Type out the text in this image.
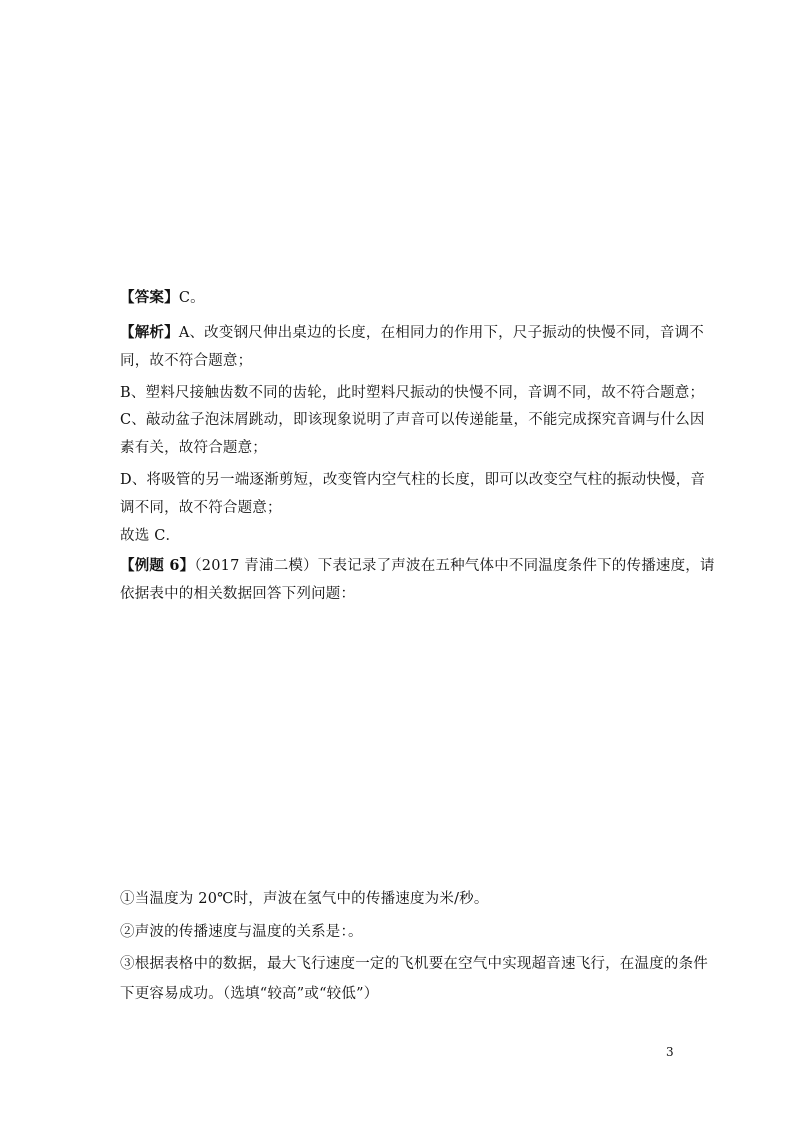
【答案】C。
【解析】A、改变钢尺伸出桌边的长度，在相同力的作用下，尺子振动的快慢不同，音调不
同，故不符合题意；
B、塑料尺接触齿数不同的齿轮，此时塑料尺振动的快慢不同，音调不同，故不符合题意；
C、敲动盆子泡沫屑跳动，即该现象说明了声音可以传递能量，不能完成探究音调与什么因
素有关，故符合题意；
D、将吸管的另一端逐渐剪短，改变管内空气柱的长度，即可以改变空气柱的振动快慢，音
调不同，故不符合题意；
故选 C．
【例题 6】（2017 青浦二模）下表记录了声波在五种气体中不同温度条件下的传播速度，请
依据表中的相关数据回答下列问题：
①当温度为 20℃时，声波在氢气中的传播速度为米/秒。
②声波的传播速度与温度的关系是：。
③根据表格中的数据，最大飞行速度一定的飞机要在空气中实现超音速飞行，在温度的条件
下更容易成功。（选填“较高”或“较低”）
3
